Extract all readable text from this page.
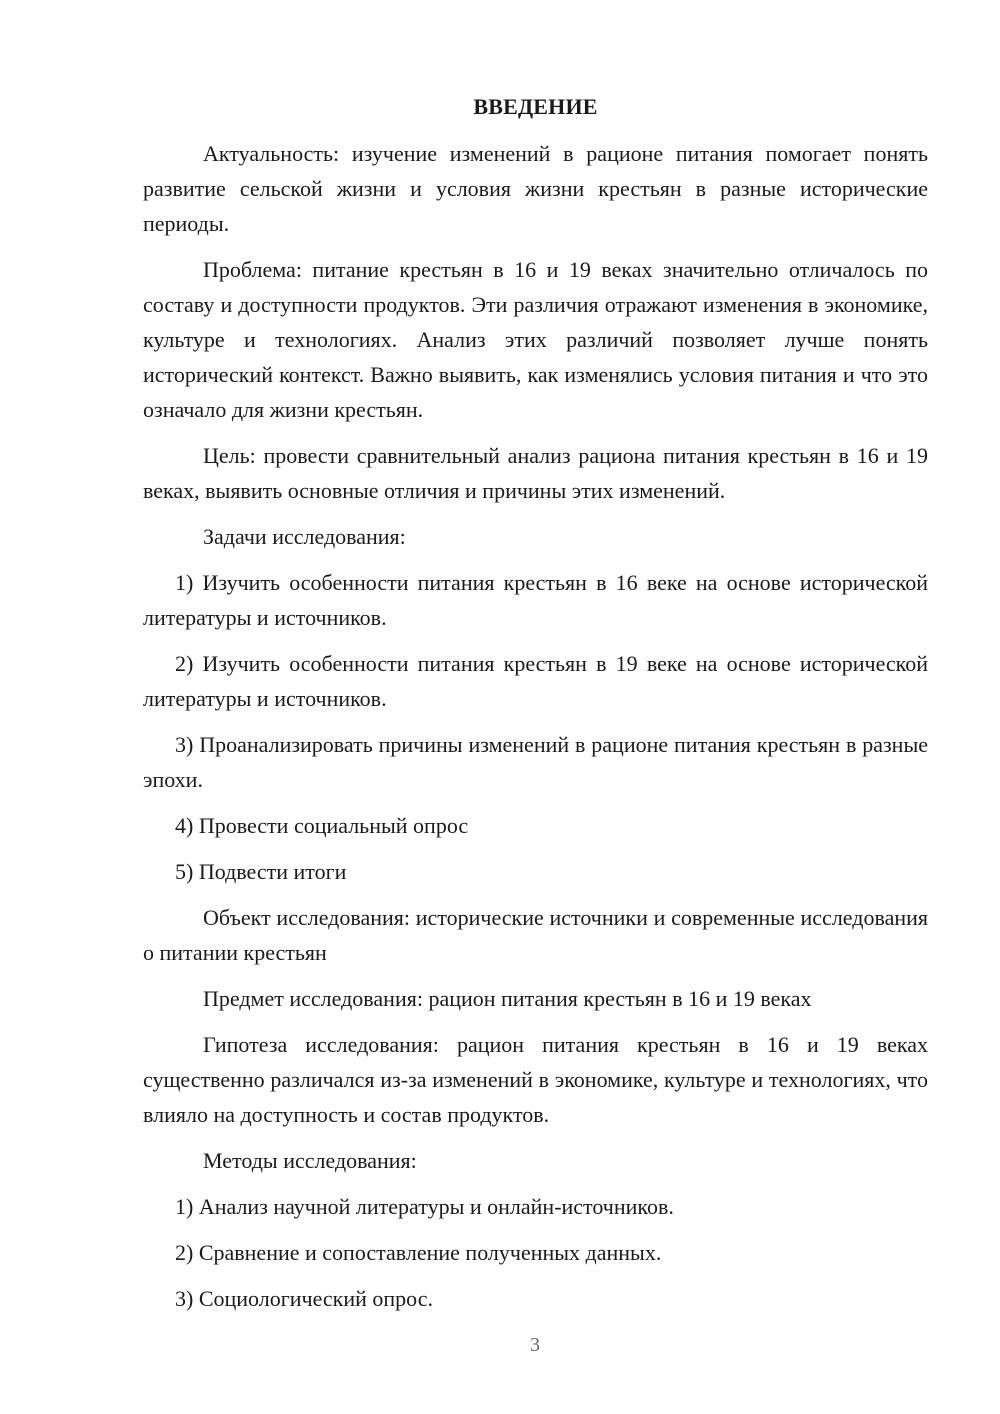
ВВЕДЕНИЕ

Актуальность: изучение изменений в рационе питания помогает понять развитие сельской жизни и условия жизни крестьян в разные исторические периоды.

Проблема: питание крестьян в 16 и 19 веках значительно отличалось по составу и доступности продуктов. Эти различия отражают изменения в экономике, культуре и технологиях. Анализ этих различий позволяет лучше понять исторический контекст. Важно выявить, как изменялись условия питания и что это означало для жизни крестьян.

Цель: провести сравнительный анализ рациона питания крестьян в 16 и 19 веках, выявить основные отличия и причины этих изменений.

Задачи исследования:

1) Изучить особенности питания крестьян в 16 веке на основе исторической литературы и источников.
2) Изучить особенности питания крестьян в 19 веке на основе исторической литературы и источников.
3) Проанализировать причины изменений в рационе питания крестьян в разные эпохи.
4) Провести социальный опрос
5) Подвести итоги

Объект исследования: исторические источники и современные исследования о питании крестьян

Предмет исследования: рацион питания крестьян в 16 и 19 веках

Гипотеза исследования: рацион питания крестьян в 16 и 19 веках существенно различался из-за изменений в экономике, культуре и технологиях, что влияло на доступность и состав продуктов.

Методы исследования:

1) Анализ научной литературы и онлайн-источников.
2) Сравнение и сопоставление полученных данных.
3) Социологический опрос.
3
